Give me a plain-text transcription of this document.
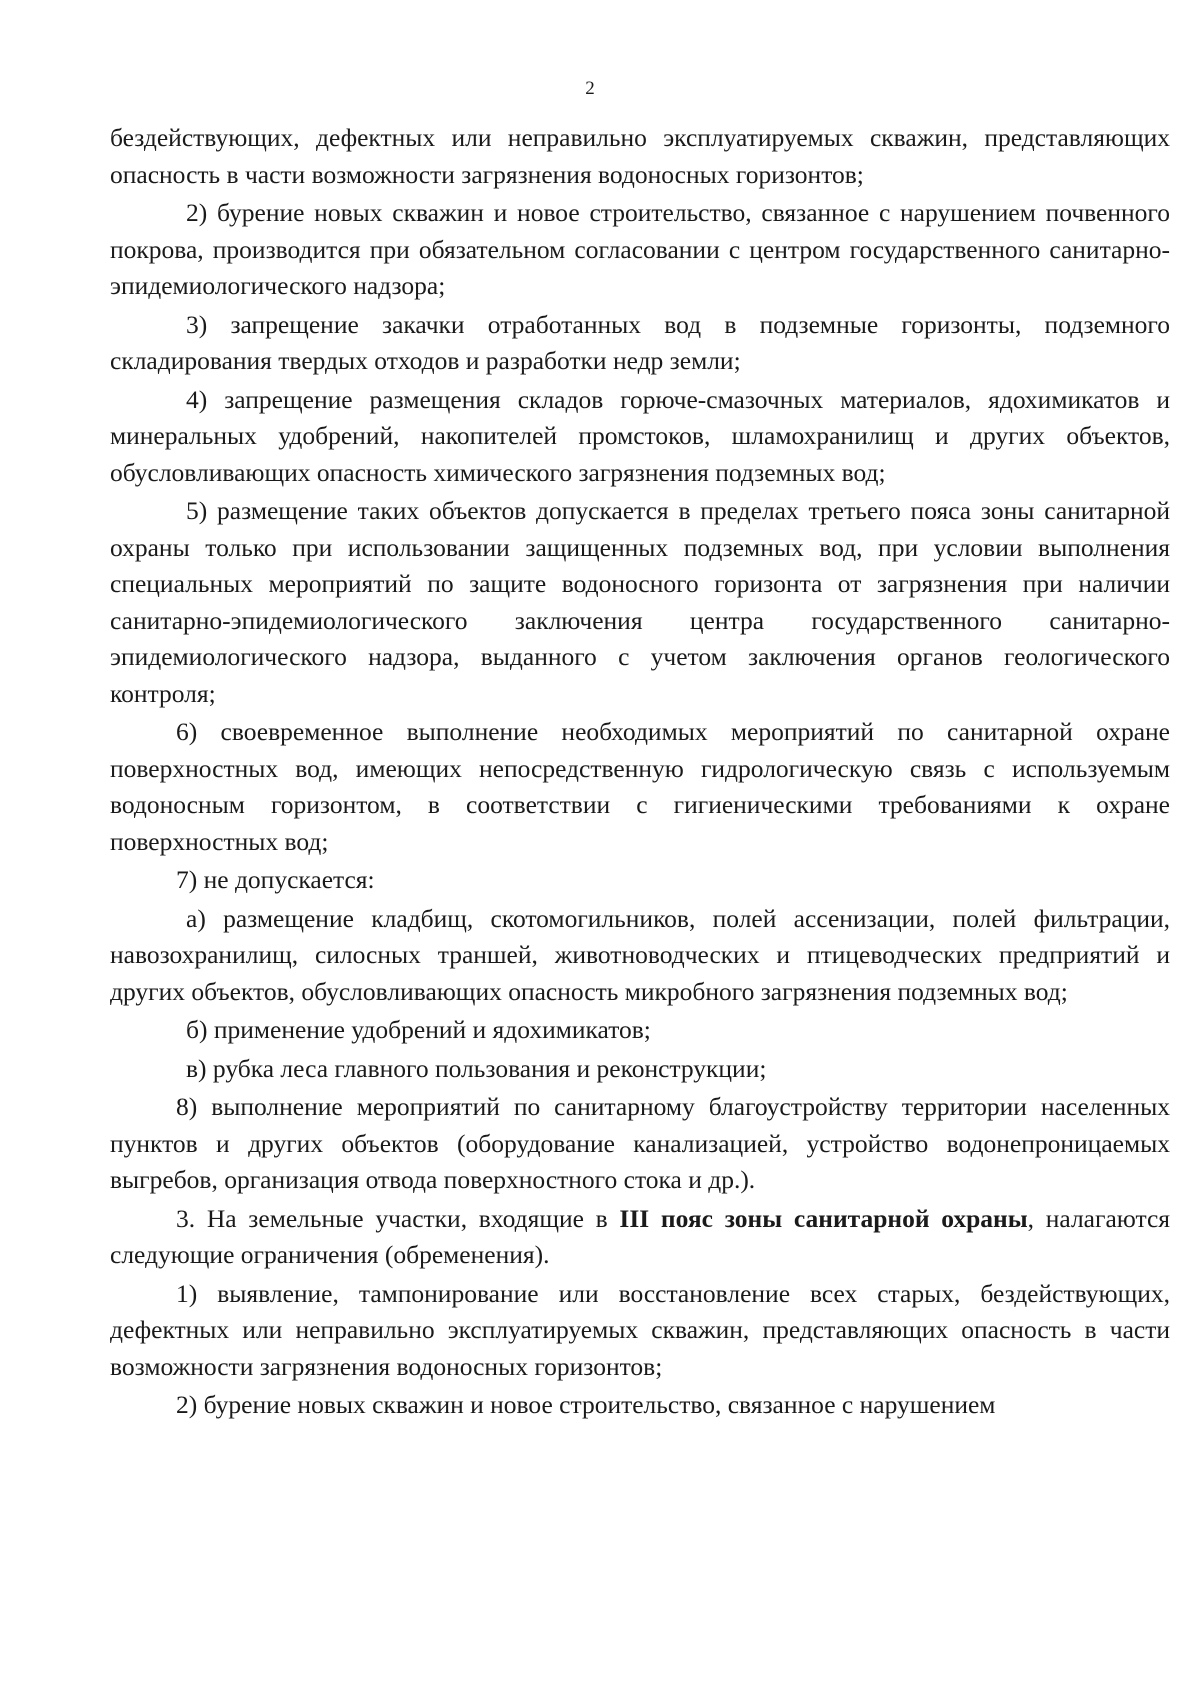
2

бездействующих, дефектных или неправильно эксплуатируемых скважин, представляющих опасность в части возможности загрязнения водоносных горизонтов;

2) бурение новых скважин и новое строительство, связанное с нарушением почвенного покрова, производится при обязательном согласовании с центром государственного санитарно-эпидемиологического надзора;

3) запрещение закачки отработанных вод в подземные горизонты, подземного складирования твердых отходов и разработки недр земли;

4) запрещение размещения складов горюче-смазочных материалов, ядохимикатов и минеральных удобрений, накопителей промстоков, шламохранилищ и других объектов, обусловливающих опасность химического загрязнения подземных вод;

5) размещение таких объектов допускается в пределах третьего пояса зоны санитарной охраны только при использовании защищенных подземных вод, при условии выполнения специальных мероприятий по защите водоносного горизонта от загрязнения при наличии санитарно-эпидемиологического заключения центра государственного санитарно-эпидемиологического надзора, выданного с учетом заключения органов геологического контроля;

6) своевременное выполнение необходимых мероприятий по санитарной охране поверхностных вод, имеющих непосредственную гидрологическую связь с используемым водоносным горизонтом, в соответствии с гигиеническими требованиями к охране поверхностных вод;

7) не допускается:

а) размещение кладбищ, скотомогильников, полей ассенизации, полей фильтрации, навозохранилищ, силосных траншей, животноводческих и птицеводческих предприятий и других объектов, обусловливающих опасность микробного загрязнения подземных вод;

б) применение удобрений и ядохимикатов;

в) рубка леса главного пользования и реконструкции;

8) выполнение мероприятий по санитарному благоустройству территории населенных пунктов и других объектов (оборудование канализацией, устройство водонепроницаемых выгребов, организация отвода поверхностного стока и др.).

3. На земельные участки, входящие в III пояс зоны санитарной охраны, налагаются следующие ограничения (обременения).

1) выявление, тампонирование или восстановление всех старых, бездействующих, дефектных или неправильно эксплуатируемых скважин, представляющих опасность в части возможности загрязнения водоносных горизонтов;

2) бурение новых скважин и новое строительство, связанное с нарушением
